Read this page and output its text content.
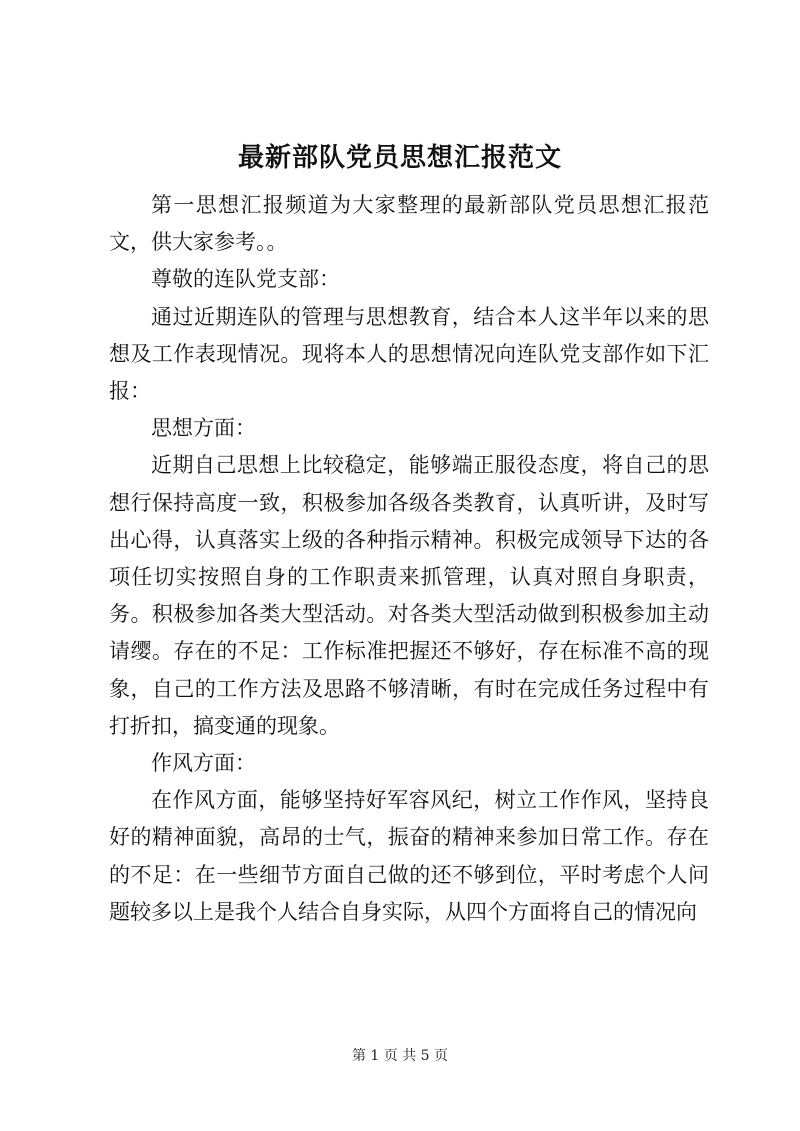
最新部队党员思想汇报范文

第一思想汇报频道为大家整理的最新部队党员思想汇报范文，供大家参考。。

尊敬的连队党支部：

通过近期连队的管理与思想教育，结合本人这半年以来的思想及工作表现情况。现将本人的思想情况向连队党支部作如下汇报：

思想方面：

近期自己思想上比较稳定，能够端正服役态度，将自己的思想行保持高度一致，积极参加各级各类教育，认真听讲，及时写出心得，认真落实上级的各种指示精神。积极完成领导下达的各项任切实按照自身的工作职责来抓管理，认真对照自身职责，务。积极参加各类大型活动。对各类大型活动做到积极参加主动请缨。存在的不足：工作标准把握还不够好，存在标准不高的现象，自己的工作方法及思路不够清晰，有时在完成任务过程中有打折扣，搞变通的现象。

作风方面：

在作风方面，能够坚持好军容风纪，树立工作作风，坚持良好的精神面貌，高昂的士气，振奋的精神来参加日常工作。存在的不足：在一些细节方面自己做的还不够到位，平时考虑个人问题较多以上是我个人结合自身实际，从四个方面将自己的情况向

第 1 页 共 5 页
